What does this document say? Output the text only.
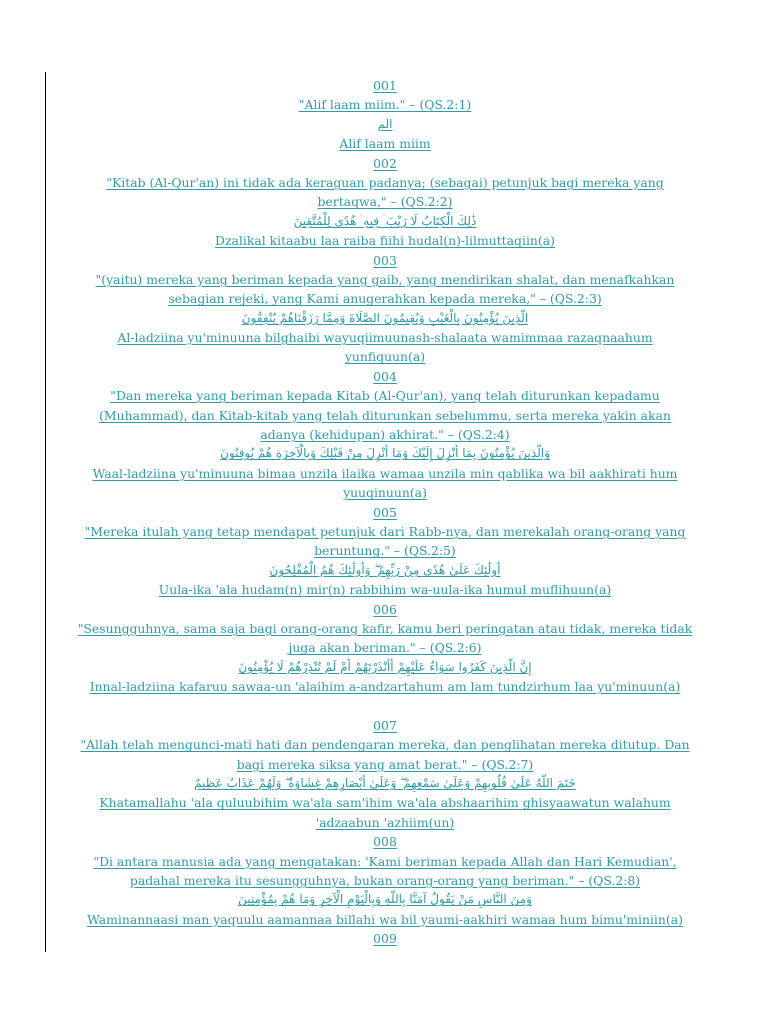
001
"Alif laam miim." – (QS.2:1)
الم
Alif laam miim
002
"Kitab (Al-Qur'an) ini tidak ada keraguan padanya; (sebagai) petunjuk bagi mereka yang
bertaqwa," – (QS.2:2)
ذَٰلِكَ الْكِتَابُ لَا رَيْبَ ۛ فِيهِ ۛ هُدًى لِلْمُتَّقِينَ
Dzalikal kitaabu laa raiba fiihi hudal(n)-lilmuttaqiin(a)
003
"(yaitu) mereka yang beriman kepada yang gaib, yang mendirikan shalat, dan menafkahkan
sebagian rejeki, yang Kami anugerahkan kepada mereka," – (QS.2:3)
الَّذِينَ يُؤْمِنُونَ بِالْغَيْبِ وَيُقِيمُونَ الصَّلَاةَ وَمِمَّا رَزَقْنَاهُمْ يُنْفِقُونَ
Al-ladziina yu'minuuna bilghaibi wayuqiimuunash-shalaata wamimmaa razaqnaahum
yunfiquun(a)
004
"Dan mereka yang beriman kepada Kitab (Al-Qur'an), yang telah diturunkan kepadamu
(Muhammad), dan Kitab-kitab yang telah diturunkan sebelummu, serta mereka yakin akan
adanya (kehidupan) akhirat." – (QS.2:4)
وَالَّذِينَ يُؤْمِنُونَ بِمَا أُنْزِلَ إِلَيْكَ وَمَا أُنْزِلَ مِنْ قَبْلِكَ وَبِالْآخِرَةِ هُمْ يُوقِنُونَ
Waal-ladziina yu'minuuna bimaa unzila ilaika wamaa unzila min qablika wa bil aakhirati hum
yuuqinuun(a)
005
"Mereka itulah yang tetap mendapat petunjuk dari Rabb-nya, dan merekalah orang-orang yang
beruntung." – (QS.2:5)
أُولَٰئِكَ عَلَىٰ هُدًى مِنْ رَبِّهِمْ ۖ وَأُولَٰئِكَ هُمُ الْمُفْلِحُونَ
Uula-ika 'ala hudam(n) mir(n) rabbihim wa-uula-ika humul muflihuun(a)
006
"Sesungguhnya, sama saja bagi orang-orang kafir, kamu beri peringatan atau tidak, mereka tidak
juga akan beriman." – (QS.2:6)
إِنَّ الَّذِينَ كَفَرُوا سَوَاءٌ عَلَيْهِمْ أَأَنْذَرْتَهُمْ أَمْ لَمْ تُنْذِرْهُمْ لَا يُؤْمِنُونَ
Innal-ladziina kafaruu sawaa-un 'alaihim a-andzartahum am lam tundzirhum laa yu'minuun(a)
007
"Allah telah mengunci-mati hati dan pendengaran mereka, dan penglihatan mereka ditutup. Dan
bagi mereka siksa yang amat berat." – (QS.2:7)
خَتَمَ اللَّهُ عَلَىٰ قُلُوبِهِمْ وَعَلَىٰ سَمْعِهِمْ ۖ وَعَلَىٰ أَبْصَارِهِمْ غِشَاوَةٌ ۖ وَلَهُمْ عَذَابٌ عَظِيمٌ
Khatamallahu 'ala quluubihim wa'ala sam'ihim wa'ala abshaarihim ghisyaawatun walahum
'adzaabun 'azhiim(un)
008
"Di antara manusia ada yang mengatakan: 'Kami beriman kepada Allah dan Hari Kemudian',
padahal mereka itu sesungguhnya, bukan orang-orang yang beriman." – (QS.2:8)
وَمِنَ النَّاسِ مَنْ يَقُولُ آمَنَّا بِاللَّهِ وَبِالْيَوْمِ الْآخِرِ وَمَا هُمْ بِمُؤْمِنِينَ
Waminannaasi man yaquulu aamannaa billahi wa bil yaumi-aakhiri wamaa hum bimu'miniin(a)
009
